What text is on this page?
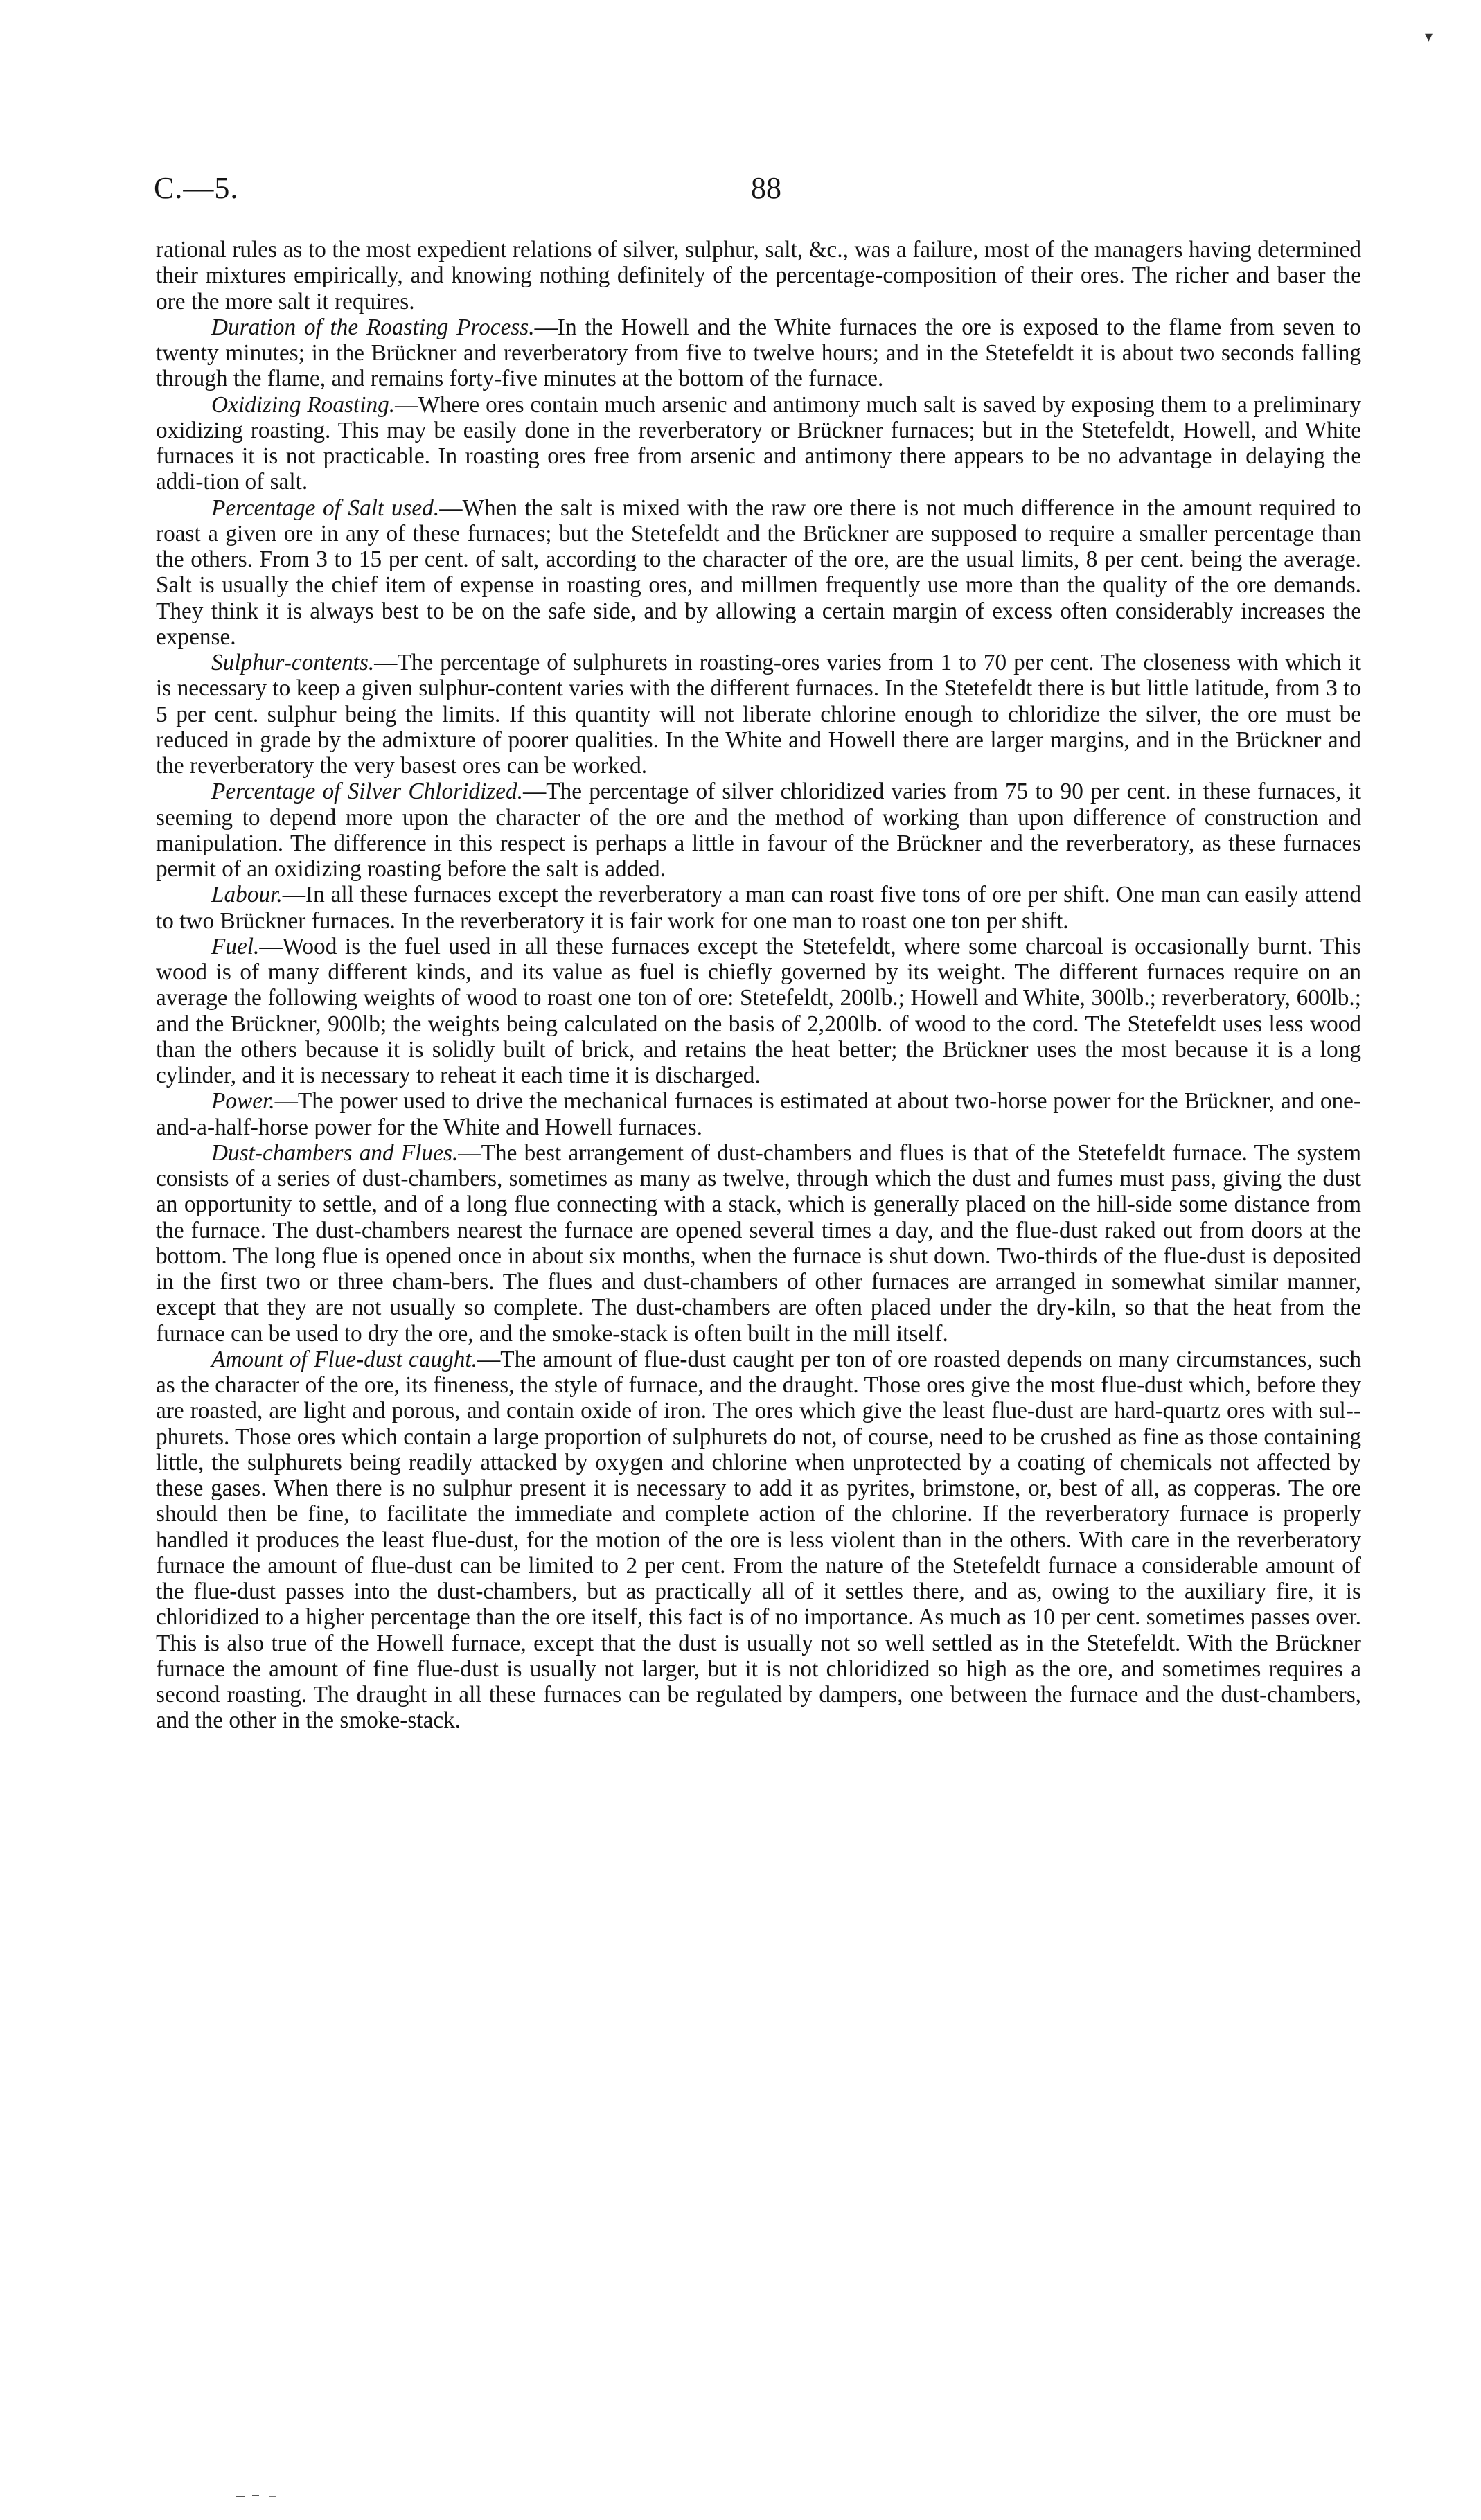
C.—5.	88
▾

rational rules as to the most expedient relations of silver, sulphur, salt, &c., was a failure, most of the managers having determined their mixtures empirically, and knowing nothing definitely of the percentage-composition of their ores. The richer and baser the ore the more salt it requires.

Duration of the Roasting Process.—In the Howell and the White furnaces the ore is exposed to the flame from seven to twenty minutes; in the Brückner and reverberatory from five to twelve hours; and in the Stetefeldt it is about two seconds falling through the flame, and remains forty-five minutes at the bottom of the furnace.

Oxidizing Roasting.—Where ores contain much arsenic and antimony much salt is saved by exposing them to a preliminary oxidizing roasting. This may be easily done in the reverberatory or Brückner furnaces; but in the Stetefeldt, Howell, and White furnaces it is not practicable. In roasting ores free from arsenic and antimony there appears to be no advantage in delaying the addi-tion of salt.

Percentage of Salt used.—When the salt is mixed with the raw ore there is not much difference in the amount required to roast a given ore in any of these furnaces; but the Stetefeldt and the Brückner are supposed to require a smaller percentage than the others. From 3 to 15 per cent. of salt, according to the character of the ore, are the usual limits, 8 per cent. being the average. Salt is usually the chief item of expense in roasting ores, and millmen frequently use more than the quality of the ore demands. They think it is always best to be on the safe side, and by allowing a certain margin of excess often considerably increases the expense.

Sulphur-contents.—The percentage of sulphurets in roasting-ores varies from 1 to 70 per cent. The closeness with which it is necessary to keep a given sulphur-content varies with the different furnaces. In the Stetefeldt there is but little latitude, from 3 to 5 per cent. sulphur being the limits. If this quantity will not liberate chlorine enough to chloridize the silver, the ore must be reduced in grade by the admixture of poorer qualities. In the White and Howell there are larger margins, and in the Brückner and the reverberatory the very basest ores can be worked.

Percentage of Silver Chloridized.—The percentage of silver chloridized varies from 75 to 90 per cent. in these furnaces, it seeming to depend more upon the character of the ore and the method of working than upon difference of construction and manipulation. The difference in this respect is perhaps a little in favour of the Brückner and the reverberatory, as these furnaces permit of an oxidizing roasting before the salt is added.

Labour.—In all these furnaces except the reverberatory a man can roast five tons of ore per shift. One man can easily attend to two Brückner furnaces. In the reverberatory it is fair work for one man to roast one ton per shift.

Fuel.—Wood is the fuel used in all these furnaces except the Stetefeldt, where some charcoal is occasionally burnt. This wood is of many different kinds, and its value as fuel is chiefly governed by its weight. The different furnaces require on an average the following weights of wood to roast one ton of ore: Stetefeldt, 200lb.; Howell and White, 300lb.; reverberatory, 600lb.; and the Brückner, 900lb; the weights being calculated on the basis of 2,200lb. of wood to the cord. The Stetefeldt uses less wood than the others because it is solidly built of brick, and retains the heat better; the Brückner uses the most because it is a long cylinder, and it is necessary to reheat it each time it is discharged.

Power.—The power used to drive the mechanical furnaces is estimated at about two-horse power for the Brückner, and one-and-a-half-horse power for the White and Howell furnaces.

Dust-chambers and Flues.—The best arrangement of dust-chambers and flues is that of the Stetefeldt furnace. The system consists of a series of dust-chambers, sometimes as many as twelve, through which the dust and fumes must pass, giving the dust an opportunity to settle, and of a long flue connecting with a stack, which is generally placed on the hill-side some distance from the furnace. The dust-chambers nearest the furnace are opened several times a day, and the flue-dust raked out from doors at the bottom. The long flue is opened once in about six months, when the furnace is shut down. Two-thirds of the flue-dust is deposited in the first two or three cham-bers. The flues and dust-chambers of other furnaces are arranged in somewhat similar manner, except that they are not usually so complete. The dust-chambers are often placed under the dry-kiln, so that the heat from the furnace can be used to dry the ore, and the smoke-stack is often built in the mill itself.

Amount of Flue-dust caught.—The amount of flue-dust caught per ton of ore roasted depends on many circumstances, such as the character of the ore, its fineness, the style of furnace, and the draught. Those ores give the most flue-dust which, before they are roasted, are light and porous, and contain oxide of iron. The ores which give the least flue-dust are hard-quartz ores with sul-phurets. Those ores which contain a large proportion of sulphurets do not, of course, need to be crushed as fine as those containing little, the sulphurets being readily attacked by oxygen and chlorine when unprotected by a coating of chemicals not affected by these gases. When there is no sulphur present it is necessary to add it as pyrites, brimstone, or, best of all, as copperas. The ore should then be fine, to facilitate the immediate and complete action of the chlorine. If the reverberatory furnace is properly handled it produces the least flue-dust, for the motion of the ore is less violent than in the others. With care in the reverberatory furnace the amount of flue-dust can be limited to 2 per cent. From the nature of the Stetefeldt furnace a considerable amount of the flue-dust passes into the dust-chambers, but as practically all of it settles there, and as, owing to the auxiliary fire, it is chloridized to a higher percentage than the ore itself, this fact is of no importance. As much as 10 per cent. sometimes passes over. This is also true of the Howell furnace, except that the dust is usually not so well settled as in the Stetefeldt. With the Brückner furnace the amount of fine flue-dust is usually not larger, but it is not chloridized so high as the ore, and sometimes requires a second roasting. The draught in all these furnaces can be regulated by dampers, one between the furnace and the dust-chambers, and the other in the smoke-stack.
